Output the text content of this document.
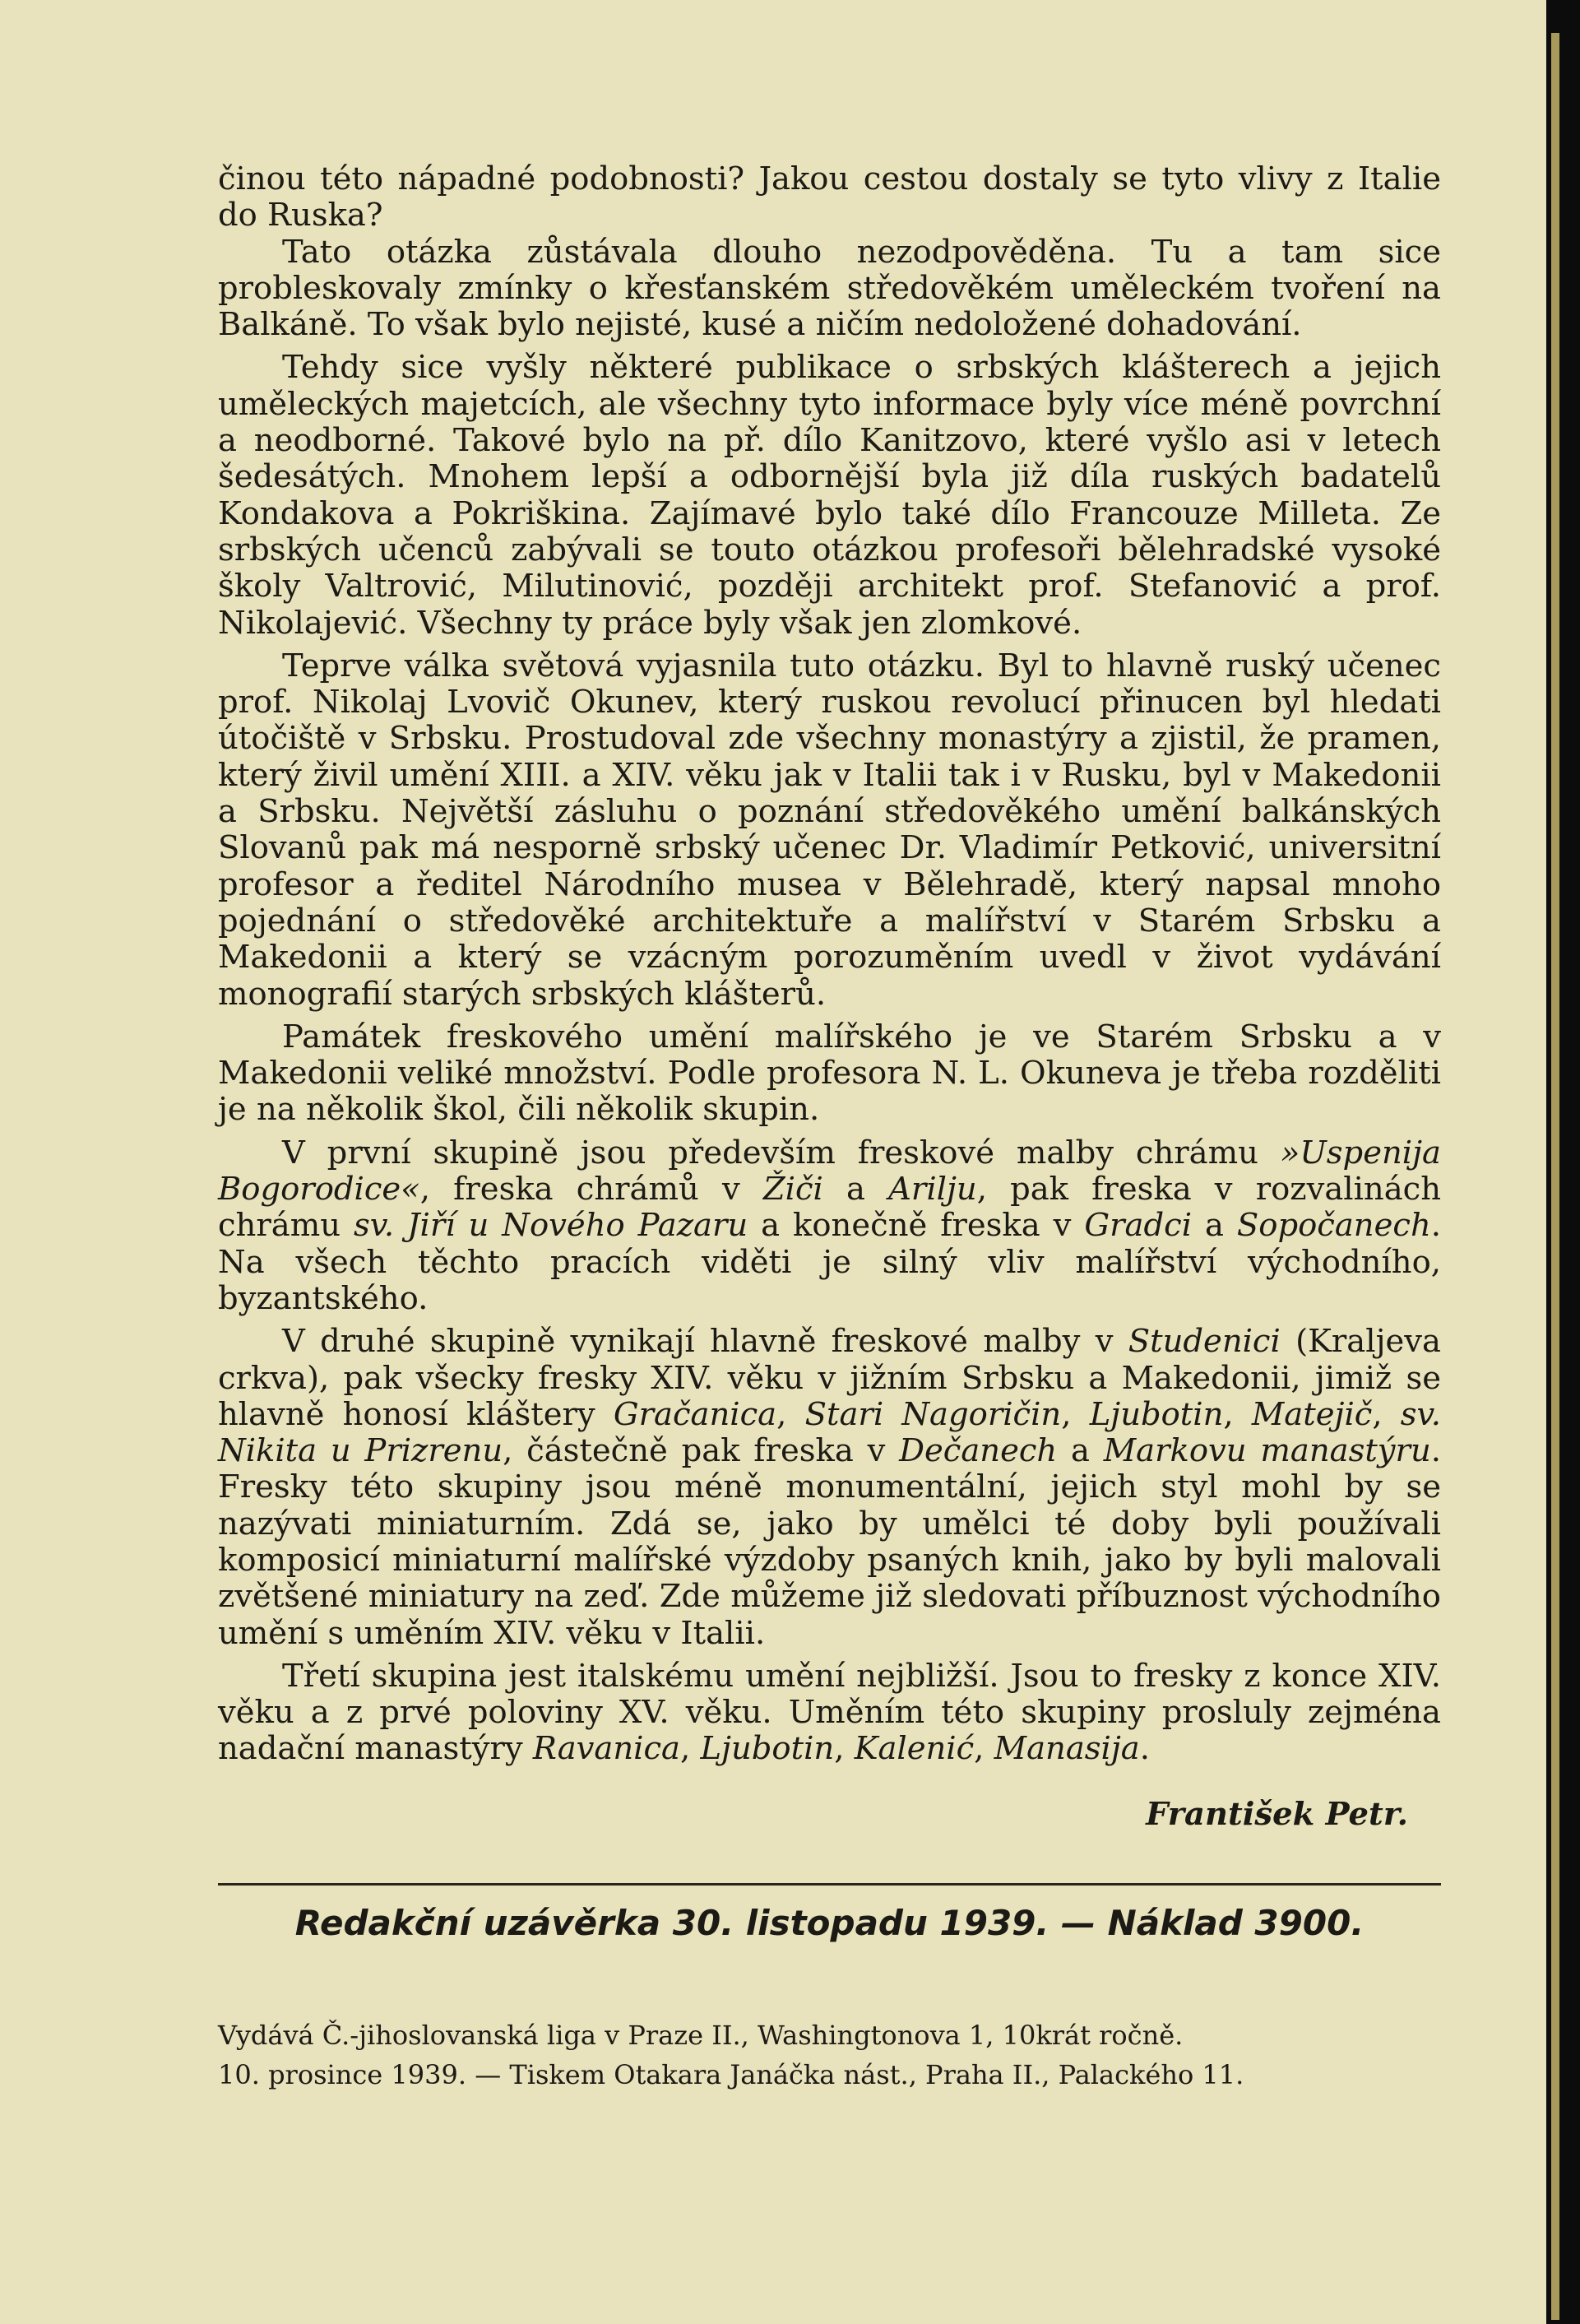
činou této nápadné podobnosti? Jakou cestou dostaly se tyto vlivy z Italie do Ruska?

Tato otázka zůstávala dlouho nezodpověděna. Tu a tam sice probleskovaly zmínky o křesťanském středověkém uměleckém tvoření na Balkáně. To však bylo nejisté, kusé a ničím nedoložené dohadování.

Tehdy sice vyšly některé publikace o srbských klášterech a jejich uměleckých majetcích, ale všechny tyto informace byly více méně povrchní a neodborné. Takové bylo na př. dílo Kanitzovo, které vyšlo asi v letech šedesátých. Mnohem lepší a odbornější byla již díla ruských badatelů Kondakova a Pokriškina. Zajímavé bylo také dílo Francouze Milleta. Ze srbských učenců zabývali se touto otázkou profesoři bělehradské vysoké školy Valtrović, Milutinović, později architekt prof. Stefanović a prof. Nikolajević. Všechny ty práce byly však jen zlomkové.

Teprve válka světová vyjasnila tuto otázku. Byl to hlavně ruský učenec prof. Nikolaj Lvovič Okunev, který ruskou revolucí přinucen byl hledati útočiště v Srbsku. Prostudoval zde všechny monastýry a zjistil, že pramen, který živil umění XIII. a XIV. věku jak v Italii tak i v Rusku, byl v Makedonii a Srbsku. Největší zásluhu o poznání středověkého umění balkánských Slovanů pak má nesporně srbský učenec Dr. Vladimír Petković, universitní profesor a ředitel Národního musea v Bělehradě, který napsal mnoho pojednání o středověké architektuře a malířství v Starém Srbsku a Makedonii a který se vzácným porozuměním uvedl v život vydávání monografií starých srbských klášterů.

Památek freskového umění malířského je ve Starém Srbsku a v Makedonii veliké množství. Podle profesora N. L. Okuneva je třeba rozděliti je na několik škol, čili několik skupin.

V první skupině jsou především freskové malby chrámu »Uspenija Bogorodice«, freska chrámů v Žiči a Arilju, pak freska v rozvalinách chrámu sv. Jiří u Nového Pazaru a konečně freska v Gradci a Sopočanech. Na všech těchto pracích viděti je silný vliv malířství východního, byzantského.

V druhé skupině vynikají hlavně freskové malby v Studenici (Kraljeva crkva), pak všecky fresky XIV. věku v jižním Srbsku a Makedonii, jimiž se hlavně honosí kláštery Gračanica, Stari Nagoričin, Ljubotin, Matejič, sv. Nikita u Prizrenu, částečně pak freska v Dečanech a Markovu manastýru. Fresky této skupiny jsou méně monumentální, jejich styl mohl by se nazývati miniaturním. Zdá se, jako by umělci té doby byli používali komposicí miniaturní malířské výzdoby psaných knih, jako by byli malovali zvětšené miniatury na zeď. Zde můžeme již sledovati příbuznost východního umění s uměním XIV. věku v Italii.

Třetí skupina jest italskému umění nejbližší. Jsou to fresky z konce XIV. věku a z prvé poloviny XV. věku. Uměním této skupiny prosluly zejména nadační manastýry Ravanica, Ljubotin, Kalenić, Manasija.

František Petr.
Redakční uzávěrka 30. listopadu 1939. — Náklad 3900.
Vydává Č.-jihoslovanská liga v Praze II., Washingtonova 1, 10krát ročně.
10. prosince 1939. — Tiskem Otakara Janáčka nást., Praha II., Palackého 11.
